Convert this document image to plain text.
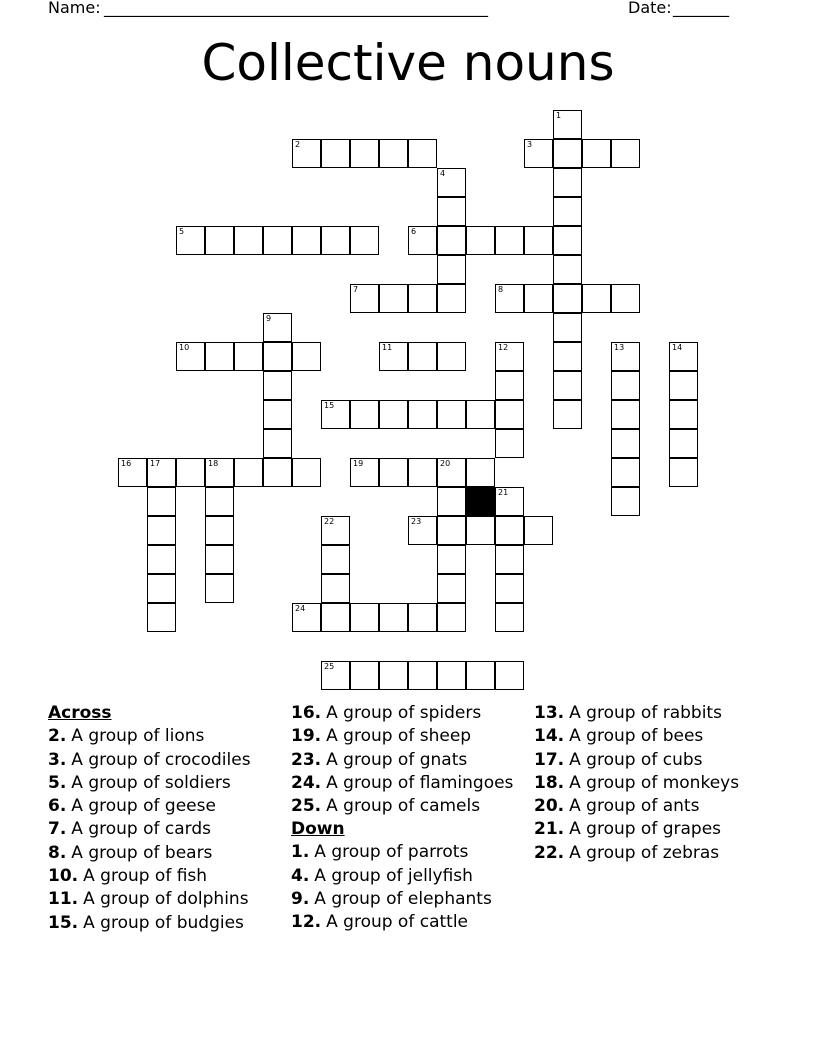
Name: ________________________________________________	Date: _______
Collective nouns
1
2	3
4
5	6
7	8
9
10	11	12	13	14
15
16 17	18	19	20
21
22	23
24
25
Across
2. A group of lions
3. A group of crocodiles
5. A group of soldiers
6. A group of geese
7. A group of cards
8. A group of bears
10. A group of fish
11. A group of dolphins
15. A group of budgies
16. A group of spiders
19. A group of sheep
23. A group of gnats
24. A group of flamingoes
25. A group of camels
Down
1. A group of parrots
4. A group of jellyfish
9. A group of elephants
12. A group of cattle
13. A group of rabbits
14. A group of bees
17. A group of cubs
18. A group of monkeys
20. A group of ants
21. A group of grapes
22. A group of zebras
